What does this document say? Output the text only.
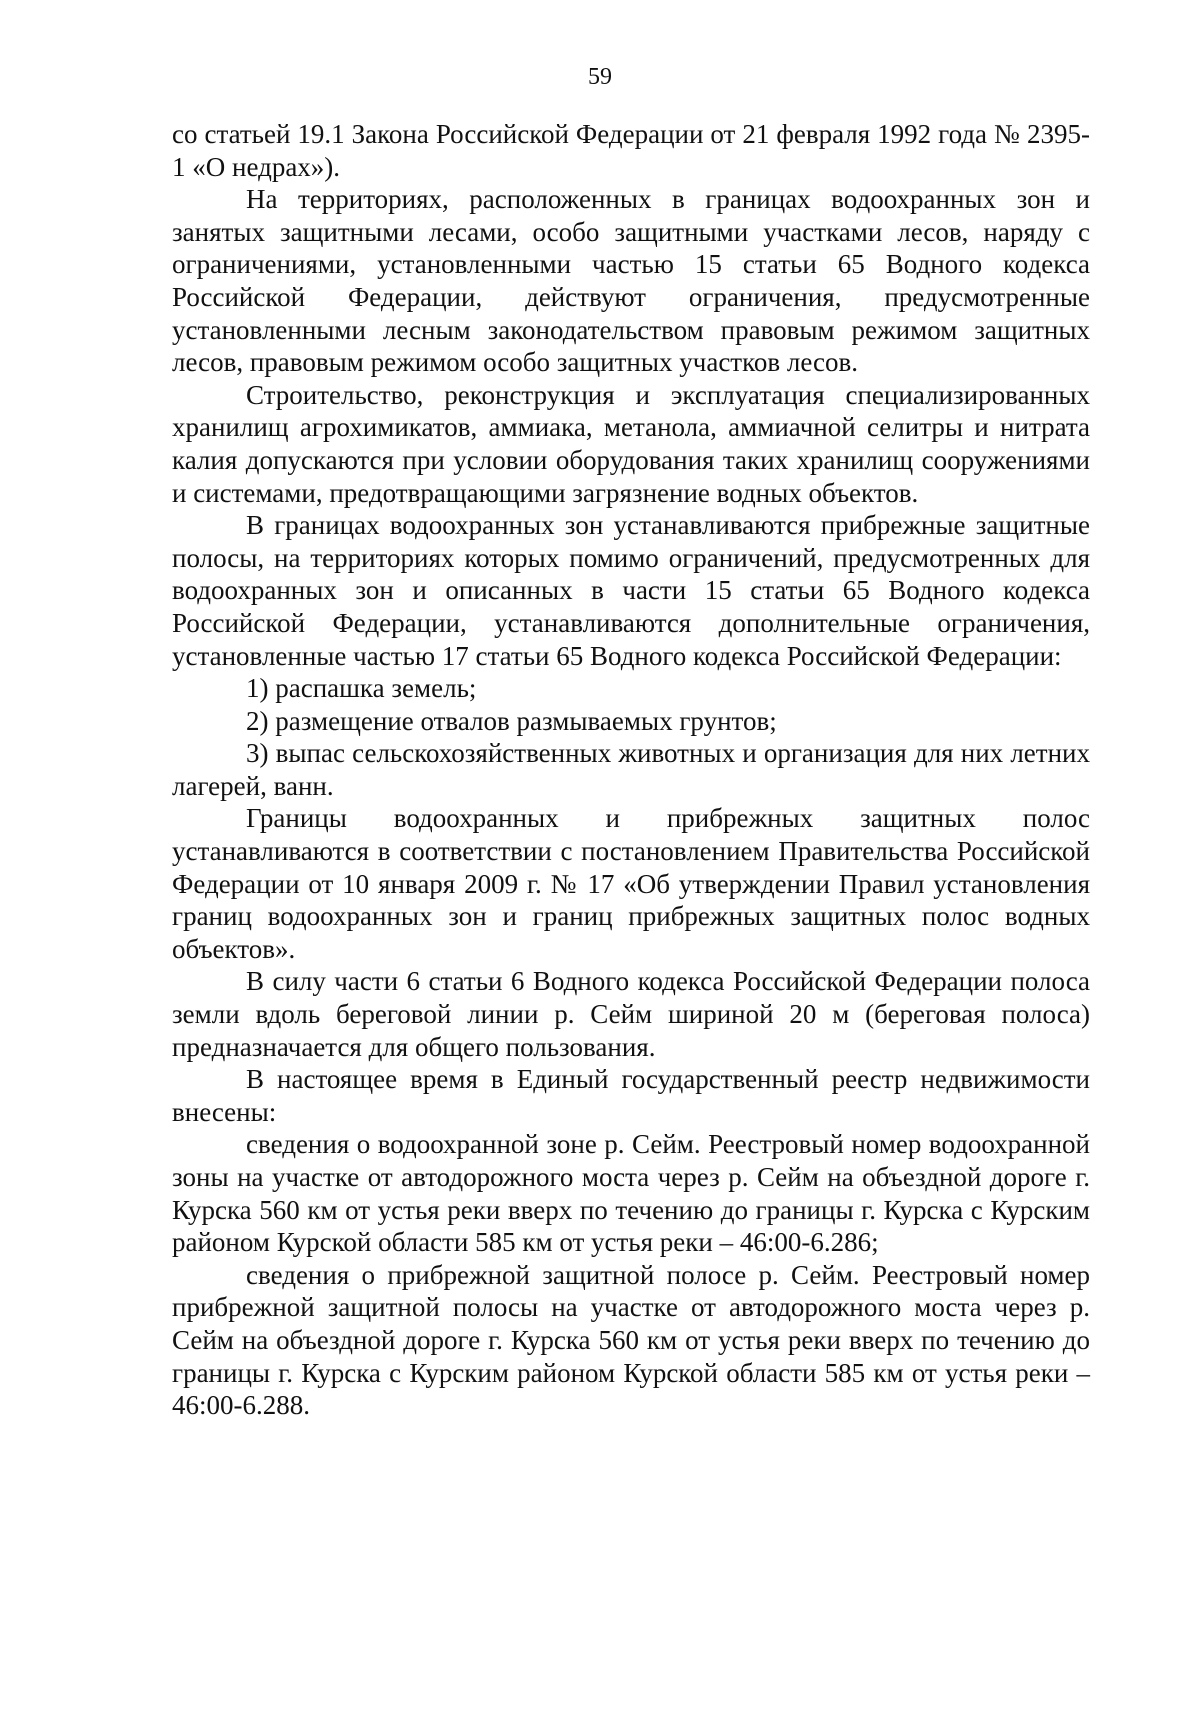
59

со статьей 19.1 Закона Российской Федерации от 21 февраля 1992 года № 2395-1 «О недрах»).

На территориях, расположенных в границах водоохранных зон и занятых защитными лесами, особо защитными участками лесов, наряду с ограничениями, установленными частью 15 статьи 65 Водного кодекса Российской Федерации, действуют ограничения, предусмотренные установленными лесным законодательством правовым режимом защитных лесов, правовым режимом особо защитных участков лесов.

Строительство, реконструкция и эксплуатация специализированных хранилищ агрохимикатов, аммиака, метанола, аммиачной селитры и нитрата калия допускаются при условии оборудования таких хранилищ сооружениями и системами, предотвращающими загрязнение водных объектов.

В границах водоохранных зон устанавливаются прибрежные защитные полосы, на территориях которых помимо ограничений, предусмотренных для водоохранных зон и описанных в части 15 статьи 65 Водного кодекса Российской Федерации, устанавливаются дополнительные ограничения, установленные частью 17 статьи 65 Водного кодекса Российской Федерации:

1) распашка земель;

2) размещение отвалов размываемых грунтов;

3) выпас сельскохозяйственных животных и организация для них летних лагерей, ванн.

Границы водоохранных и прибрежных защитных полос устанавливаются в соответствии с постановлением Правительства Российской Федерации от 10 января 2009 г. № 17 «Об утверждении Правил установления границ водоохранных зон и границ прибрежных защитных полос водных объектов».

В силу части 6 статьи 6 Водного кодекса Российской Федерации полоса земли вдоль береговой линии р. Сейм шириной 20 м (береговая полоса) предназначается для общего пользования.

В настоящее время в Единый государственный реестр недвижимости внесены:

сведения о водоохранной зоне р. Сейм. Реестровый номер водоохранной зоны на участке от автодорожного моста через р. Сейм на объездной дороге г. Курска 560 км от устья реки вверх по течению до границы г. Курска с Курским районом Курской области 585 км от устья реки – 46:00-6.286;

сведения о прибрежной защитной полосе р. Сейм. Реестровый номер прибрежной защитной полосы на участке от автодорожного моста через р. Сейм на объездной дороге г. Курска 560 км от устья реки вверх по течению до границы г. Курска с Курским районом Курской области 585 км от устья реки – 46:00-6.288.
